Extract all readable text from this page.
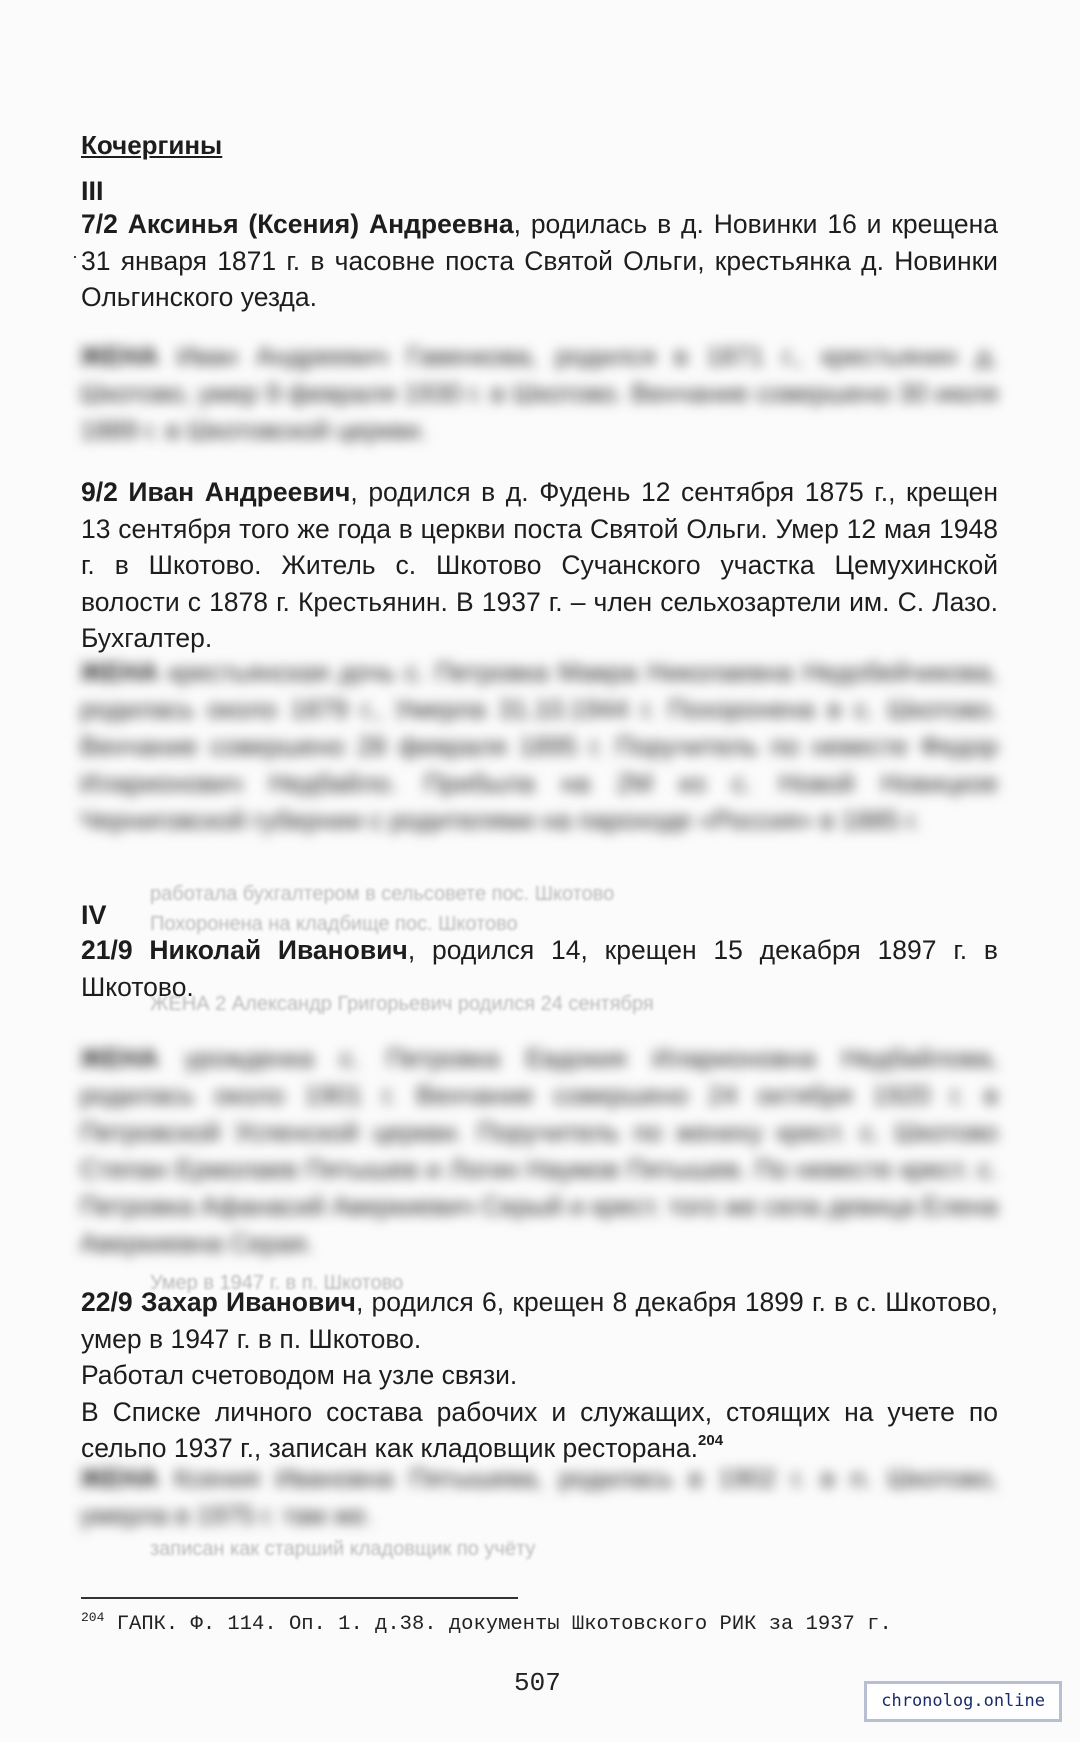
Кочергины
III
·

7/2 Аксинья (Ксения) Андреевна, родилась в д. Новинки 16 и крещена 31 января 1871 г. в часовне поста Святой Ольги, крестьянка д. Новинки Ольгинского уезда.

ЖЕНА Иван Андреевич Гавенкова, родился в 1871 г., крестьянин д. Шкотово, умер 9 февраля 1930 г. в Шкотово. Венчание совершено 30 июля 1889 г. в Шкотовской церкви.

9/2 Иван Андреевич, родился в д. Фудень 12 сентября 1875 г., крещен 13 сентября того же года в церкви поста Святой Ольги. Умер 12 мая 1948 г. в Шкотово. Житель с. Шкотово Сучанского участка Цемухинской волости с 1878 г. Крестьянин. В 1937 г. – член сельхозартели им. С. Лазо. Бухгалтер.

ЖЕНА крестьянская дочь с. Петровка Мавра Николаевна Недобейчикова, родилась около 1879 г., Умерла 31.10.1944 г. Похоронена в с. Шкотово. Венчание совершено 28 февраля 1895 г. Поручитель по невесте Федор Иларионович Недбайло. Прибыла на 2М из с. Новой Новицкое Черниговской губернии с родителями на пароходе «Россия» в 1885 г.

работала бухгалтером в сельсовете пос. Шкотово
Похоронена на кладбище пос. Шкотово
ЖЕНА 2 Александр Григорьевич родился 24 сентября
IV

21/9 Николай Иванович, родился 14, крещен 15 декабря 1897 г. в Шкотово.

ЖЕНА урожденка с. Петровка Евдокия Иларионовна Недбайлова, родилась около 1901 г. Венчание совершено 24 октября 1920 г. в Петровской Успенской церкви. Поручитель по жениху крест. с. Шкотово Степан Ермолаев Пятышев и Логин Наумов Пятышев. По невесте крест. с. Петровка Афанасий Аверкиевич Серый и крест. того же села девица Елена Аверкиевна Серая.

Умер в 1947 г. в п. Шкотово

22/9 Захар Иванович, родился 6, крещен 8 декабря 1899 г. в с. Шкотово, умер в 1947 г. в п. Шкотово.
Работал счетоводом на узле связи.
В Списке личного состава рабочих и служащих, стоящих на учете по сельпо 1937 г., записан как кладовщик ресторана.$^{204}$

ЖЕНА Ксения Ивановна Пятышева, родилась в 1902 г. в п. Шкотово, умерла в 1975 г. там же.

записан как старший кладовщик по учёту

$^{204}$ ГАПК. Ф. 114. Оп. 1. д.38. документы Шкотовского РИК за 1937 г.

507
chronolog.online
